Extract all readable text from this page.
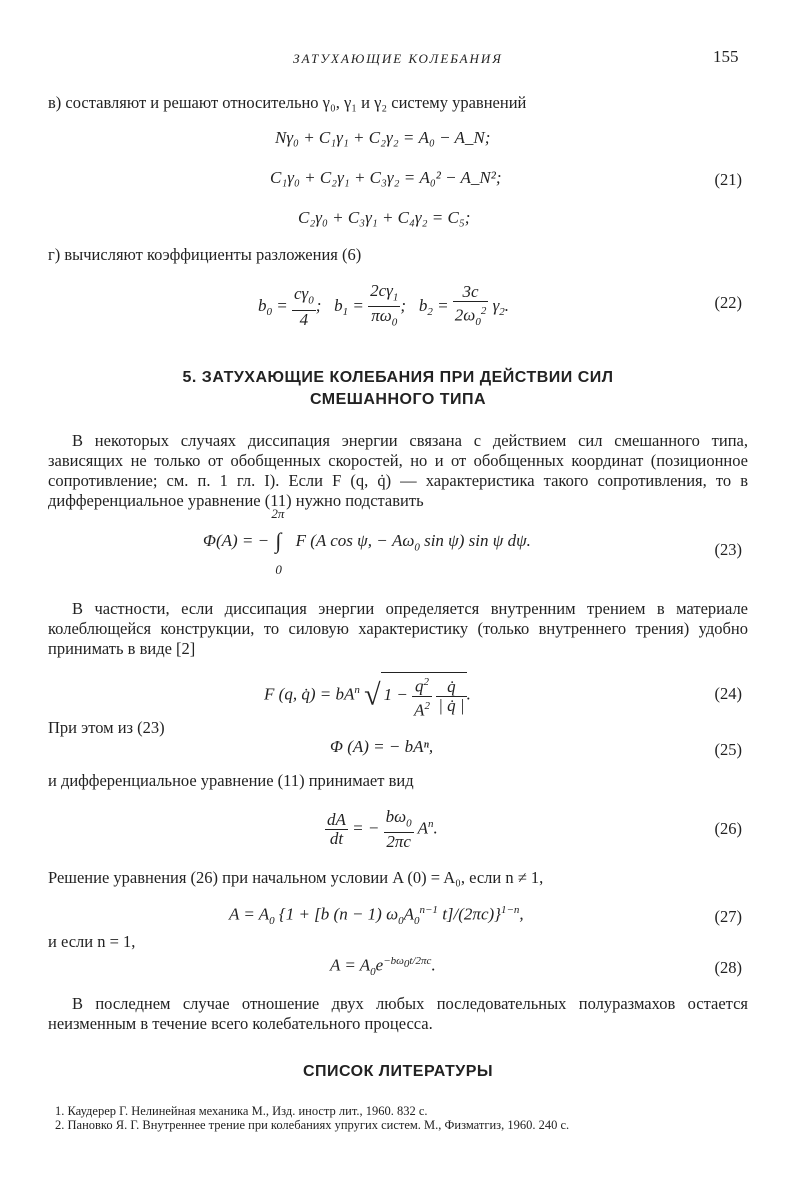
ЗАТУХАЮЩИЕ КОЛЕБАНИЯ	155

в) составляют и решают относительно γ₀, γ₁ и γ₂ систему уравнений

Nγ₀ + C₁γ₁ + C₂γ₂ = A₀ − A_N;
C₁γ₀ + C₂γ₁ + C₃γ₂ = A₀² − A_N²;
C₂γ₀ + C₃γ₁ + C₄γ₂ = C₅;
(21)

г) вычисляют коэффициенты разложения (6)

$b_0 = \frac{c\gamma_0}{4}$ ;   $b_1 = \frac{2c\gamma_1}{\pi\omega_0}$ ;   $b_2 = \frac{3c}{2\omega_0^2} \gamma_2$.	(22)
5. ЗАТУХАЮЩИЕ КОЛЕБАНИЯ ПРИ ДЕЙСТВИИ СИЛ
СМЕШАННОГО ТИПА

В некоторых случаях диссипация энергии связана с действием сил смешанного типа, зависящих не только от обобщенных скоростей, но и от обобщенных координат (позиционное сопротивление; см. п. 1 гл. I). Если F (q, q̇) — характеристика такого сопротивления, то в дифференциальное уравнение (11) нужно подставить

Φ(A) = −
2π
∫
0
F (A cos ψ, − $A\omega_0$ sin ψ) sin ψ dψ.	(23)

В частности, если диссипация энергии определяется внутренним трением в материале колеблющейся конструкции, то силовую характеристику (только внутреннего трения) удобно принимать в виде [2]

F (q, q̇) = $bA^n$ √ $1 - \frac{q^2}{A^2}$
$\frac{q̇}{| q̇ |}$ .	(24)

При этом из (23)

Φ (A) = − bAⁿ,	(25)

и дифференциальное уравнение (11) принимает вид

$\frac{dA}{dt}$ = − $\frac{b\omega_0}{2\pi c} A^n$.	(26)

Решение уравнения (26) при начальном условии A (0) = A₀, если n ≠ 1,

$A = A_0$ {1 + [b (n − 1) $\omega_0A_0^{n-1}$ t]/(2πc)}$^{1-n}$,	(27)

и если n = 1,

$A = A_0e^{-b\omega_0t/2\pi c}$.	(28)

В последнем случае отношение двух любых последовательных полуразмахов остается неизменным в течение всего колебательного процесса.

СПИСОК ЛИТЕРАТУРЫ
1. Каудерер Г. Нелинейная механика М., Изд. иностр лит., 1960. 832 с.
2. Пановко Я. Г. Внутреннее трение при колебаниях упругих систем. М., Физматгиз, 1960. 240 с.
